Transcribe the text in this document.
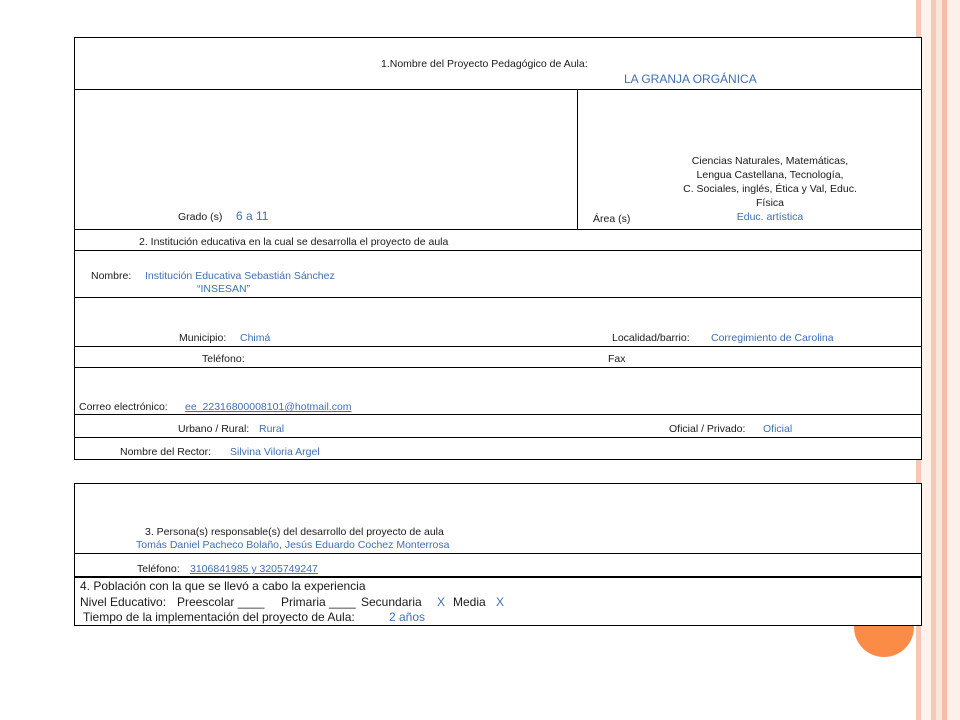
1.Nombre del Proyecto Pedagógico de Aula:
LA GRANJA ORGÁNICA
Grado (s) 6 a 11	Área (s)
Ciencias Naturales, Matemáticas,
Lengua Castellana, Tecnología,
C. Sociales, inglés, Ética y Val, Educ.
Física
Educ. artística
2. Institución educativa en la cual se desarrolla el proyecto de aula
Nombre: Institución Educativa Sebastián Sánchez
“INSESAN”
Municipio: Chimá	Localidad/barrio: Corregimiento de Carolina
Teléfono:	Fax
Correo electrónico: ee_22316800008101@hotmail.com
Urbano / Rural: Rural	Oficial / Privado: Oficial
Nombre del Rector: Silvina Viloria Argel
3. Persona(s) responsable(s) del desarrollo del proyecto de aula
Tomás Daniel Pacheco Bolaño, Jesús Eduardo Cochez Monterrosa
Teléfono: 3106841985 y 3205749247
4. Población con la que se llevó a cabo la experiencia
Nivel Educativo: Preescolar ____ Primaria ____ Secundaria X Media X
Tiempo de la implementación del proyecto de Aula:	2 años
